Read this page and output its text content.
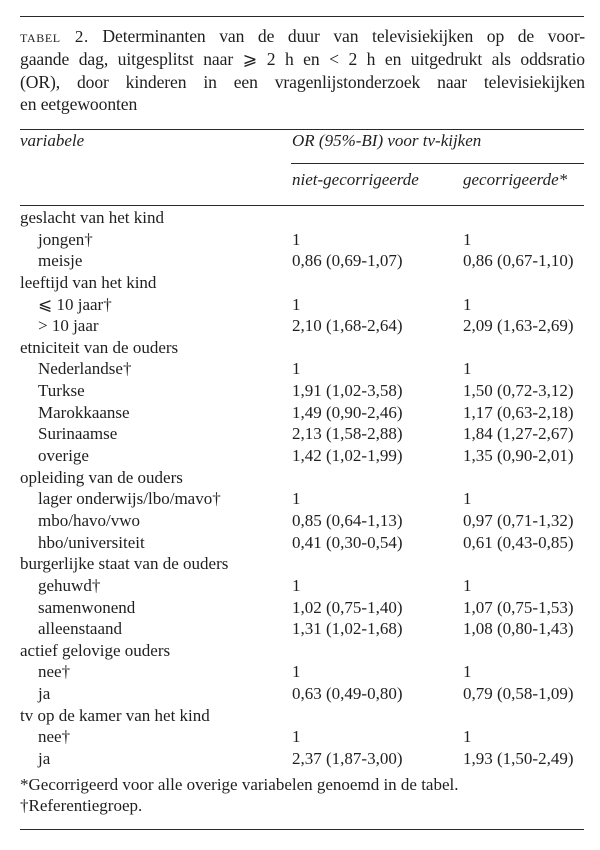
tabel 2. Determinanten van de duur van televisiekijken op de voor-
gaande dag, uitgesplitst naar ⩾ 2 h en < 2 h en uitgedrukt als oddsratio
(OR), door kinderen in een vragenlijstonderzoek naar televisiekijken
en eetgewoonten
variabele	OR (95%-BI) voor tv-kijken
niet-gecorrigeerde	gecorrigeerde*
geslacht van het kind
jongen†	1	1
meisje	0,86 (0,69-1,07)	0,86 (0,67-1,10)
leeftijd van het kind
⩽ 10 jaar†	1	1
> 10 jaar	2,10 (1,68-2,64)	2,09 (1,63-2,69)
etniciteit van de ouders
Nederlandse†	1	1
Turkse	1,91 (1,02-3,58)	1,50 (0,72-3,12)
Marokkaanse	1,49 (0,90-2,46)	1,17 (0,63-2,18)
Surinaamse	2,13 (1,58-2,88)	1,84 (1,27-2,67)
overige	1,42 (1,02-1,99)	1,35 (0,90-2,01)
opleiding van de ouders
lager onderwijs/lbo/mavo†	1	1
mbo/havo/vwo	0,85 (0,64-1,13)	0,97 (0,71-1,32)
hbo/universiteit	0,41 (0,30-0,54)	0,61 (0,43-0,85)
burgerlijke staat van de ouders
gehuwd†	1	1
samenwonend	1,02 (0,75-1,40)	1,07 (0,75-1,53)
alleenstaand	1,31 (1,02-1,68)	1,08 (0,80-1,43)
actief gelovige ouders
nee†	1	1
ja	0,63 (0,49-0,80)	0,79 (0,58-1,09)
tv op de kamer van het kind
nee†	1	1
ja	2,37 (1,87-3,00)	1,93 (1,50-2,49)
*Gecorrigeerd voor alle overige variabelen genoemd in de tabel.
†Referentiegroep.
